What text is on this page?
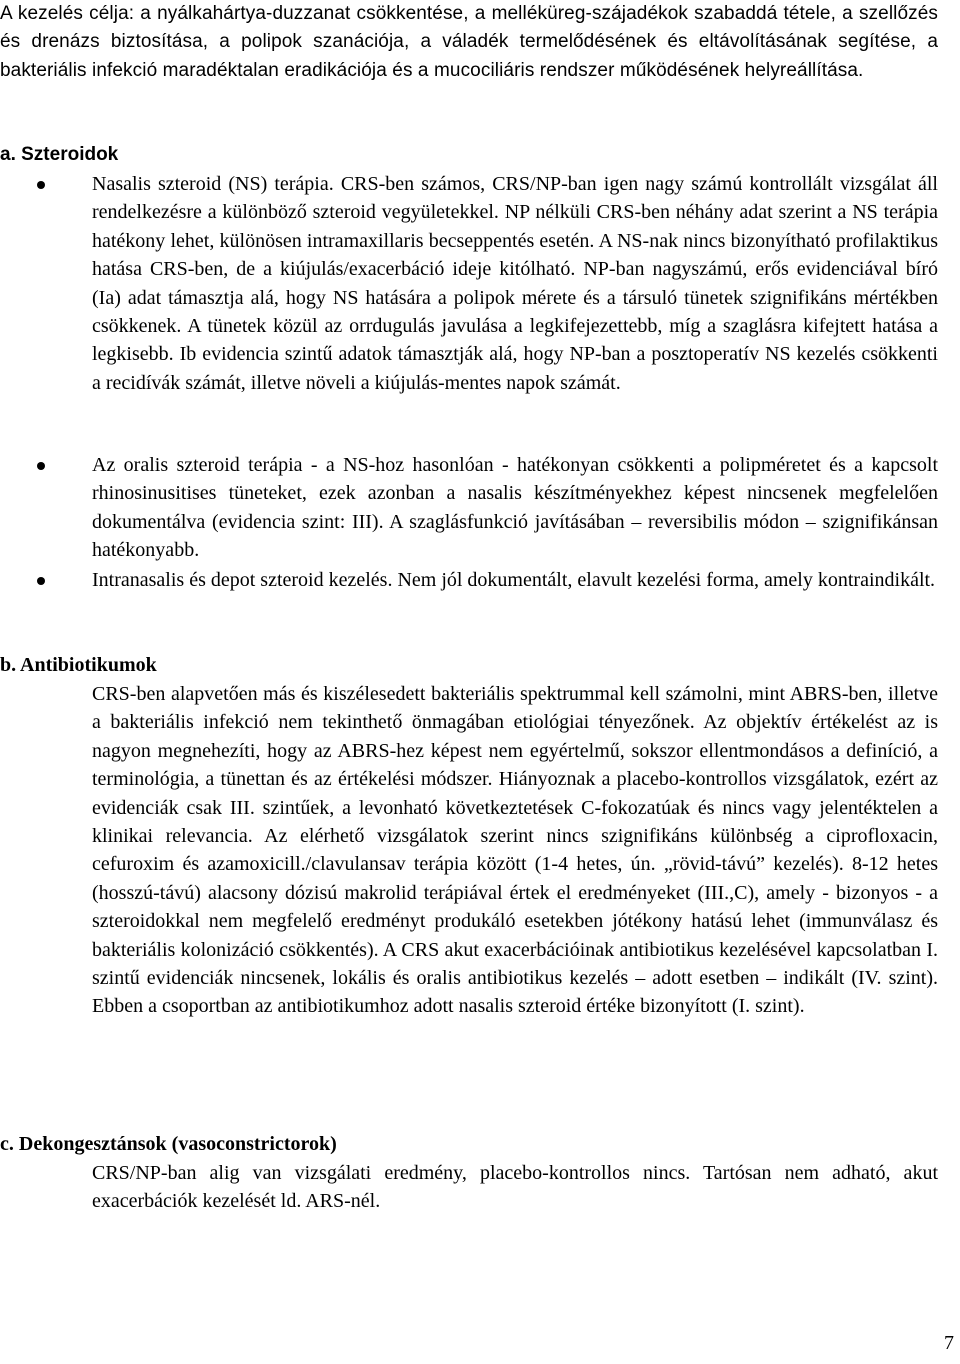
A kezelés célja: a nyálkahártya-duzzanat csökkentése, a melléküreg-szájadékok szabaddá tétele, a szellőzés és drenázs biztosítása, a polipok szanációja, a váladék termelődésének és eltávolításának segítése, a bakteriális infekció maradéktalan eradikációja és a mucociliáris rendszer működésének helyreállítása.

a. Szteroidok

Nasalis szteroid (NS) terápia. CRS-ben számos, CRS/NP-ban igen nagy számú kontrollált vizsgálat áll rendelkezésre a különböző szteroid vegyületekkel. NP nélküli CRS-ben néhány adat szerint a NS terápia hatékony lehet, különösen intramaxillaris becseppentés esetén. A NS-nak nincs bizonyítható profilaktikus hatása CRS-ben, de a kiújulás/exacerbáció ideje kitólható. NP-ban nagyszámú, erős evidenciával bíró (Ia) adat támasztja alá, hogy NS hatására a polipok mérete és a társuló tünetek szignifikáns mértékben csökkenek. A tünetek közül az orrdugulás javulása a legkifejezettebb, míg a szaglásra kifejtett hatása a legkisebb. Ib evidencia szintű adatok támasztják alá, hogy NP-ban a posztoperatív NS kezelés csökkenti a recidívák számát, illetve növeli a kiújulás-mentes napok számát.

Az oralis szteroid terápia - a NS-hoz hasonlóan - hatékonyan csökkenti a polipméretet és a kapcsolt rhinosinusitises tüneteket, ezek azonban a nasalis készítményekhez képest nincsenek megfelelően dokumentálva (evidencia szint: III). A szaglásfunkció javításában – reversibilis módon – szignifikánsan hatékonyabb.

Intranasalis és depot szteroid kezelés. Nem jól dokumentált, elavult kezelési forma, amely kontraindikált.

b. Antibiotikumok

CRS-ben alapvetően más és kiszélesedett bakteriális spektrummal kell számolni, mint ABRS-ben, illetve a bakteriális infekció nem tekinthető önmagában etiológiai tényezőnek. Az objektív értékelést az is nagyon megnehezíti, hogy az ABRS-hez képest nem egyértelmű, sokszor ellentmondásos a definíció, a terminológia, a tünettan és az értékelési módszer. Hiányoznak a placebo-kontrollos vizsgálatok, ezért az evidenciák csak III. szintűek, a levonható következtetések C-fokozatúak és nincs vagy jelentéktelen a klinikai relevancia. Az elérhető vizsgálatok szerint nincs szignifikáns különbség a ciprofloxacin, cefuroxim és azamoxicill./clavulansav terápia között (1-4 hetes, ún. „rövid-távú” kezelés). 8-12 hetes (hosszú-távú) alacsony dózisú makrolid terápiával értek el eredményeket (III.,C), amely - bizonyos - a szteroidokkal nem megfelelő eredményt produkáló esetekben jótékony hatású lehet (immunválasz és bakteriális kolonizáció csökkentés). A CRS akut exacerbációinak antibiotikus kezelésével kapcsolatban I. szintű evidenciák nincsenek, lokális és oralis antibiotikus kezelés – adott esetben – indikált (IV. szint). Ebben a csoportban az antibiotikumhoz adott nasalis szteroid értéke bizonyított (I. szint).

c. Dekongesztánsok (vasoconstrictorok)

CRS/NP-ban alig van vizsgálati eredmény, placebo-kontrollos nincs. Tartósan nem adható, akut exacerbációk kezelését ld. ARS-nél.

7
